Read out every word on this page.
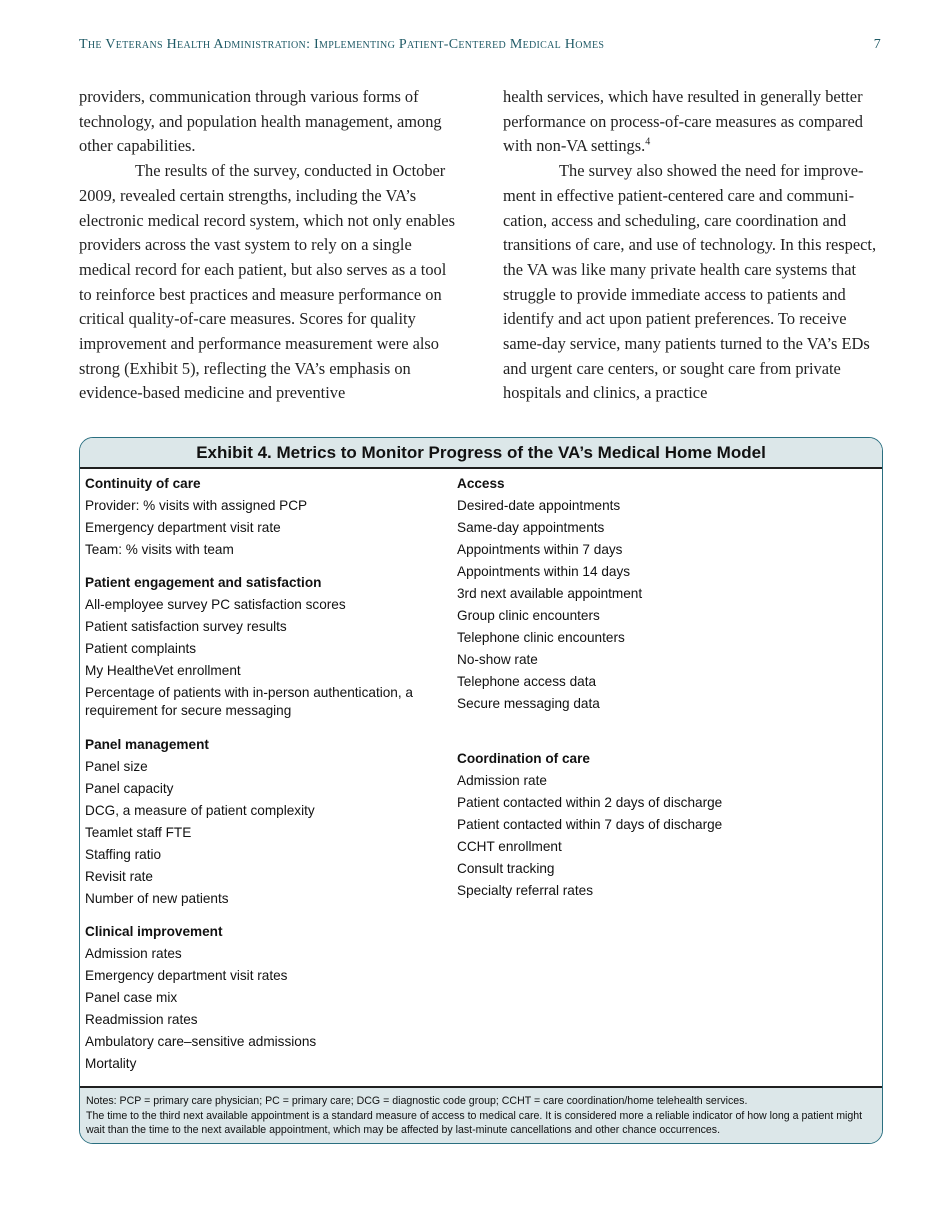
The Veterans Health Administration: Implementing Patient-Centered Medical Homes	7

providers, communication through various forms of technology, and population health management, among other capabilities.

The results of the survey, conducted in October 2009, revealed certain strengths, including the VA’s electronic medical record system, which not only enables providers across the vast system to rely on a single medical record for each patient, but also serves as a tool to reinforce best practices and measure performance on critical quality-of-care measures. Scores for quality improvement and performance measurement were also strong (Exhibit 5), reflecting the VA’s emphasis on evidence-based medicine and preventive

health services, which have resulted in generally better performance on process-of-care measures as compared with non-VA settings.$^4$

The survey also showed the need for improvement in effective patient-centered care and communication, access and scheduling, care coordination and transitions of care, and use of technology. In this respect, the VA was like many private health care systems that struggle to provide immediate access to patients and identify and act upon patient preferences. To receive same-day service, many patients turned to the VA’s EDs and urgent care centers, or sought care from private hospitals and clinics, a practice

Exhibit 4. Metrics to Monitor Progress of the VA’s Medical Home Model
Continuity of care
Provider: % visits with assigned PCP
Emergency department visit rate
Team: % visits with team
Patient engagement and satisfaction
All-employee survey PC satisfaction scores
Patient satisfaction survey results
Patient complaints
My HealtheVet enrollment
Percentage of patients with in-person authentication, a requirement for secure messaging
Panel management
Panel size
Panel capacity
DCG, a measure of patient complexity
Teamlet staff FTE
Staffing ratio
Revisit rate
Number of new patients
Clinical improvement
Admission rates
Emergency department visit rates
Panel case mix
Readmission rates
Ambulatory care–sensitive admissions
Mortality
Access
Desired-date appointments
Same-day appointments
Appointments within 7 days
Appointments within 14 days
3rd next available appointment
Group clinic encounters
Telephone clinic encounters
No-show rate
Telephone access data
Secure messaging data
Coordination of care
Admission rate
Patient contacted within 2 days of discharge
Patient contacted within 7 days of discharge
CCHT enrollment
Consult tracking
Specialty referral rates
Notes: PCP = primary care physician; PC = primary care; DCG = diagnostic code group; CCHT = care coordination/home telehealth services.
The time to the third next available appointment is a standard measure of access to medical care. It is considered more a reliable indicator of how long a patient might wait than the time to the next available appointment, which may be affected by last-minute cancellations and other chance occurrences.
